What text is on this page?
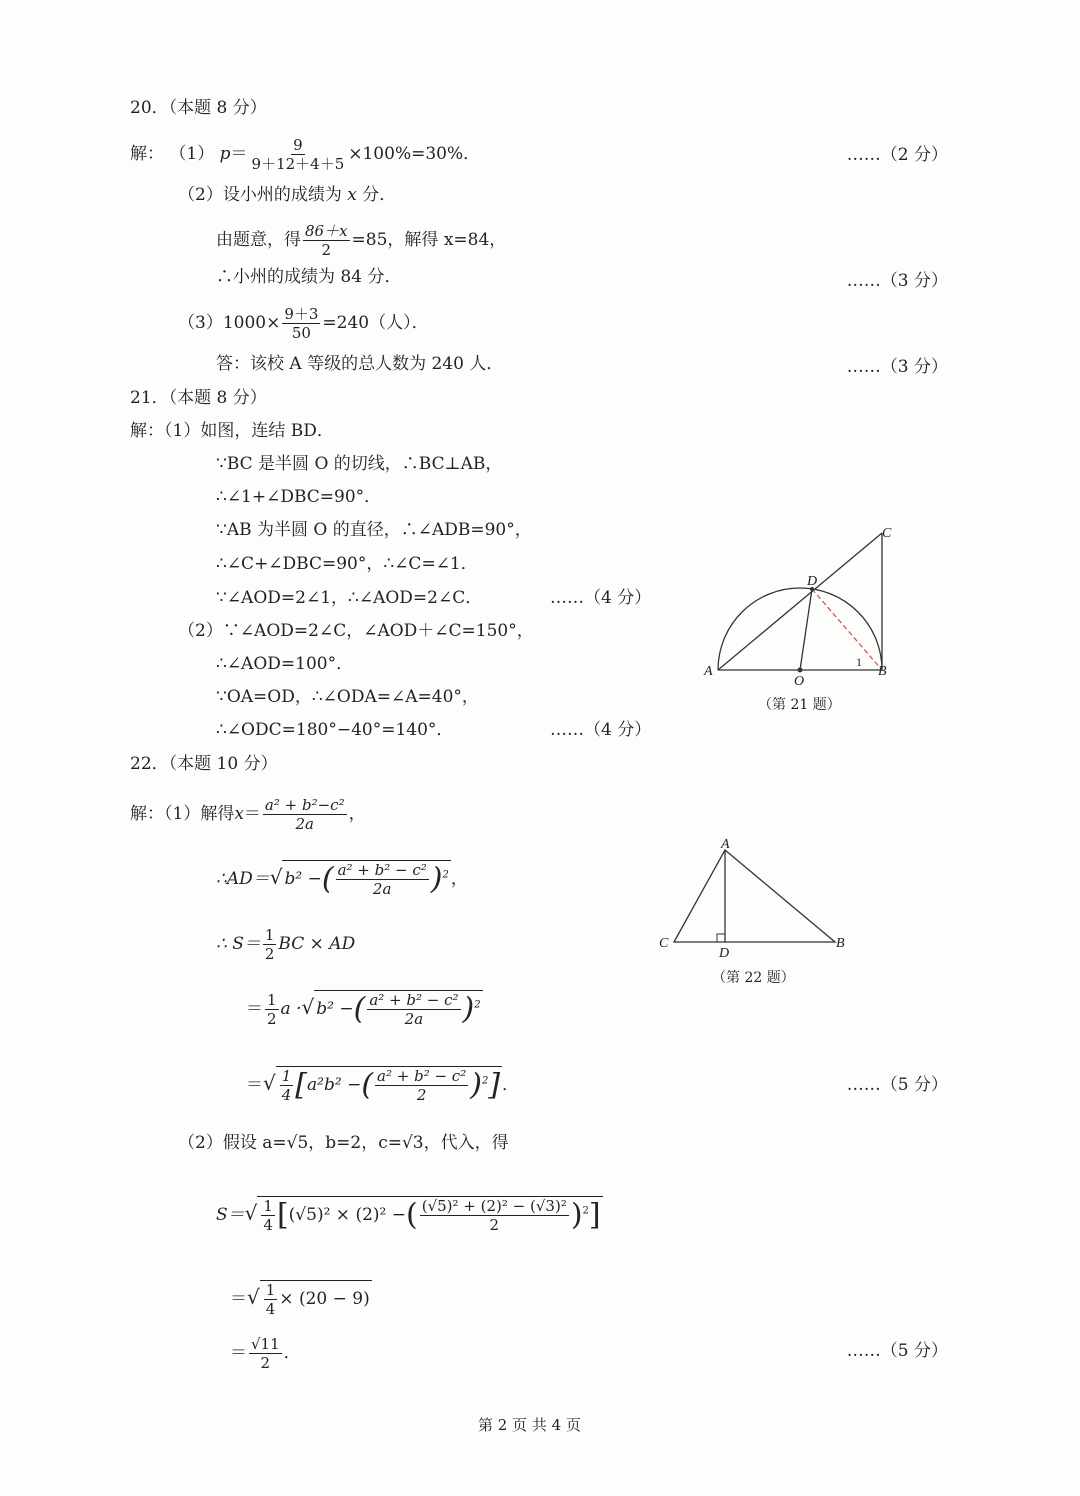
20．（本题 8 分）
解： （1） $p= \frac{9}{9+12+4+5} \times 100\%=30\%$．	……（2 分）
（2）设小州的成绩为 x 分．
由题意，得 $\frac{86+x}{2} =85$，解得 x=84，
∴小州的成绩为 84 分．	……（3 分）
$(3)1000\times \frac{9+3}{50} =240$（人）．
答：该校 A 等级的总人数为 240 人．	……（3 分）
21．（本题 8 分）
解：（1）如图，连结 BD．
∵BC 是半圆 O 的切线，∴BC⊥AB，
∴∠1+∠DBC=90°．
∵AB 为半圆 O 的直径，∴∠ADB=90°，
∴∠C+∠DBC=90°，∴∠C=∠1．
∵∠AOD=2∠1，∴∠AOD=2∠C．	……（4 分）
（2）∵∠AOD=2∠C，∠AOD＋∠C=150°，
∴∠AOD=100°．
∵OA=OD，∴∠ODA=∠A=40°，
∴∠ODC=180°−40°=140°．	……（4 分）
A	B
C
D
O
1
（第 21 题）
22．（本题 10 分）
解：（1）解得$x= \frac{\text{a² + b²−c²}}{2a}$ ，
∴AD＝√ b² −( $\frac{\text{a² + b² − c²}}{2a} )^2$ ，
∴ $S= \frac{1}{2}$ BC × AD
＝ $\frac{1}{2}$ a ·√ b² −( $\frac{\text{a² + b² − c²}}{2a} )^2$
＝√ $\frac{1}{4} [a^2b^2$ −( $\frac{\text{a² + b² − c²}}{2} )^2$] ．	……（5 分）
（2）假设 a=√5，b=2，c=√3，代入，得
$S=√ \frac{1}{4} [(√5)^2 \times (2)^2$ −( $\frac{\text{(√5)² + (2)² − (√3)²}}{2} )^2$]
＝√ $\frac{1}{4} \times (20 - 9)$
＝ $\frac{√11}{2}$ ．	……（5 分）
A
C	B
D
（第 22 题）
第 2 页 共 4 页
